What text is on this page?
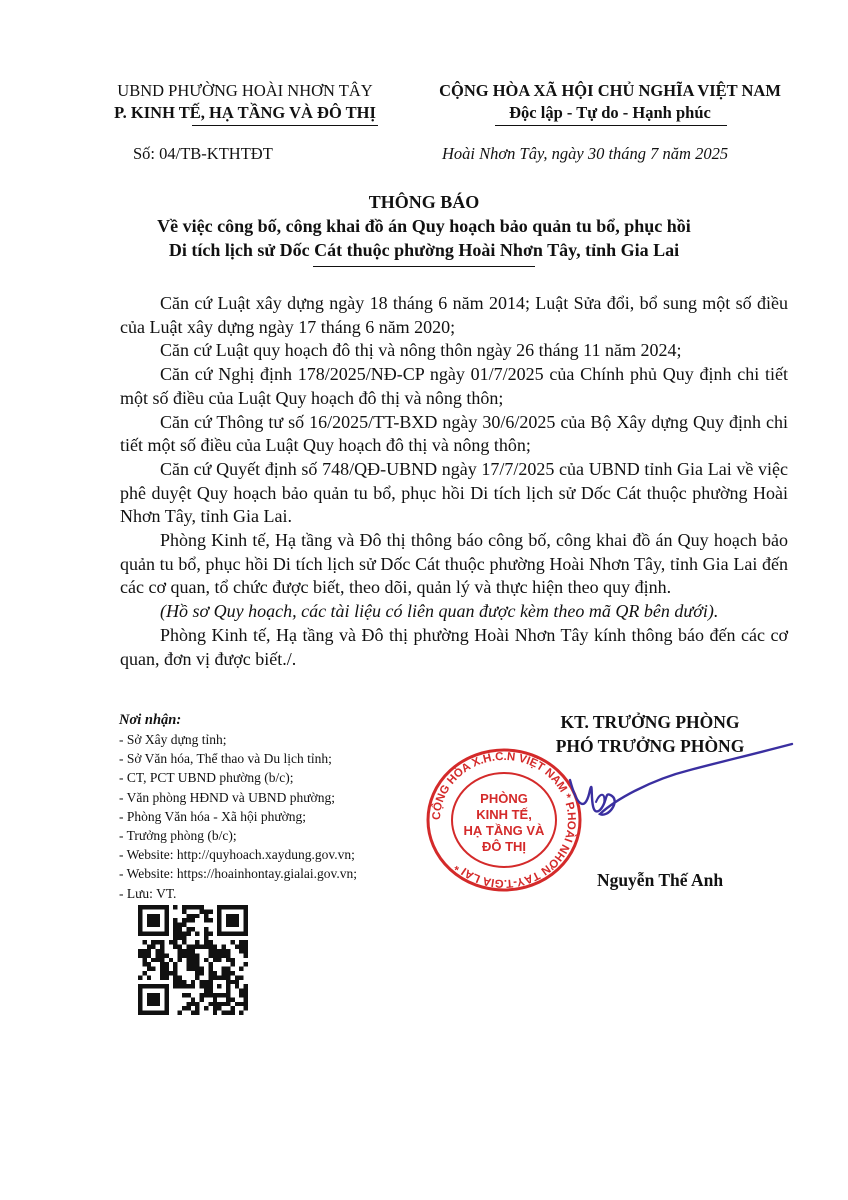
UBND PHƯỜNG HOÀI NHƠN TÂY
P. KINH TẾ, HẠ TẦNG VÀ ĐÔ THỊ
CỘNG HÒA XÃ HỘI CHỦ NGHĨA VIỆT NAM
Độc lập - Tự do - Hạnh phúc
Số: 04/TB-KTHTĐT	Hoài Nhơn Tây, ngày 30 tháng 7 năm 2025
THÔNG BÁO
Về việc công bố, công khai đồ án Quy hoạch bảo quản tu bổ, phục hồi
Di tích lịch sử Dốc Cát thuộc phường Hoài Nhơn Tây, tỉnh Gia Lai

Căn cứ Luật xây dựng ngày 18 tháng 6 năm 2014; Luật Sửa đổi, bổ sung một số điều của Luật xây dựng ngày 17 tháng 6 năm 2020;

Căn cứ Luật quy hoạch đô thị và nông thôn ngày 26 tháng 11 năm 2024;

Căn cứ Nghị định 178/2025/NĐ-CP ngày 01/7/2025 của Chính phủ Quy định chi tiết một số điều của Luật Quy hoạch đô thị và nông thôn;

Căn cứ Thông tư số 16/2025/TT-BXD ngày 30/6/2025 của Bộ Xây dựng Quy định chi tiết một số điều của Luật Quy hoạch đô thị và nông thôn;

Căn cứ Quyết định số 748/QĐ-UBND ngày 17/7/2025 của UBND tỉnh Gia Lai về việc phê duyệt Quy hoạch bảo quản tu bổ, phục hồi Di tích lịch sử Dốc Cát thuộc phường Hoài Nhơn Tây, tỉnh Gia Lai.

Phòng Kinh tế, Hạ tầng và Đô thị thông báo công bố, công khai đồ án Quy hoạch bảo quản tu bổ, phục hồi Di tích lịch sử Dốc Cát thuộc phường Hoài Nhơn Tây, tỉnh Gia Lai đến các cơ quan, tổ chức được biết, theo dõi, quản lý và thực hiện theo quy định.

(Hồ sơ Quy hoạch, các tài liệu có liên quan được kèm theo mã QR bên dưới).

Phòng Kinh tế, Hạ tầng và Đô thị phường Hoài Nhơn Tây kính thông báo đến các cơ quan, đơn vị được biết./.

Nơi nhận:
- Sở Xây dựng tỉnh;
- Sở Văn hóa, Thể thao và Du lịch tỉnh;
- CT, PCT UBND phường (b/c);
- Văn phòng HĐND và UBND phường;
- Phòng Văn hóa - Xã hội phường;
- Trưởng phòng (b/c);
- Website: http://quyhoach.xaydung.gov.vn;
- Website: https://hoainhontay.gialai.gov.vn;
- Lưu: VT.
KT. TRƯỞNG PHÒNG
PHÓ TRƯỞNG PHÒNG
CỘNG HÒA X.H.C.N VIỆT NAM * P.HOÀI NHƠN TÂY-T.GIA LAI *
PHÒNG
KINH TẾ,
HẠ TẦNG VÀ
ĐÔ THỊ
Nguyễn Thế Anh
